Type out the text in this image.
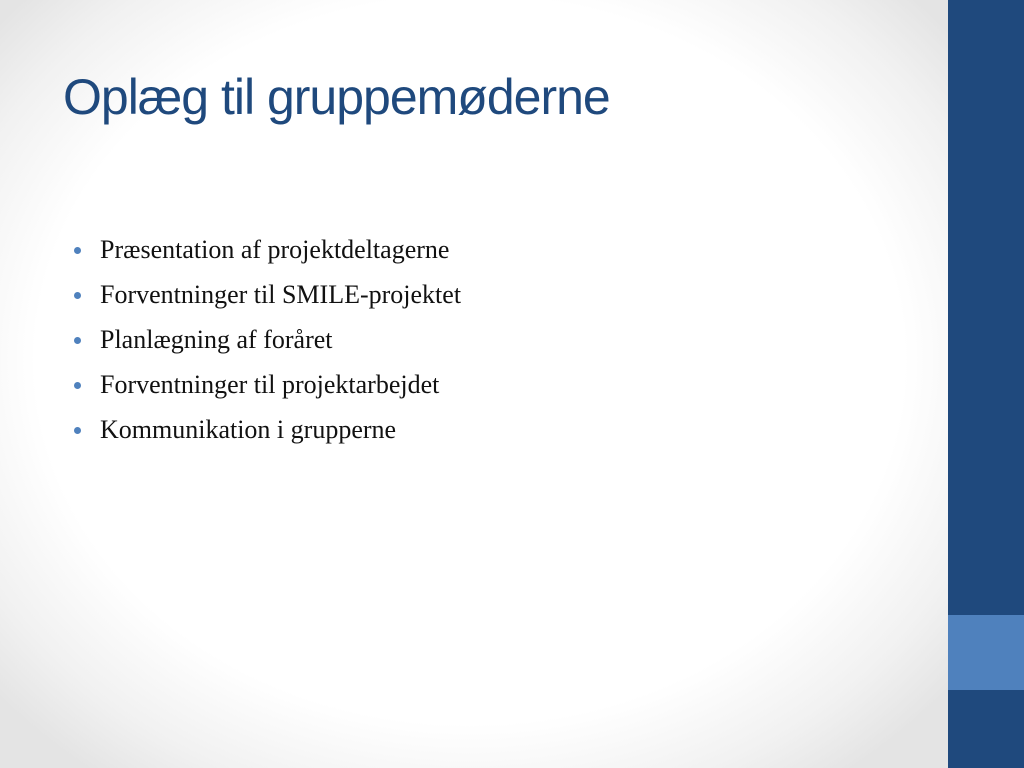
Oplæg til gruppemøderne
Præsentation af projektdeltagerne
Forventninger til SMILE-projektet
Planlægning af foråret
Forventninger til projektarbejdet
Kommunikation i grupperne
